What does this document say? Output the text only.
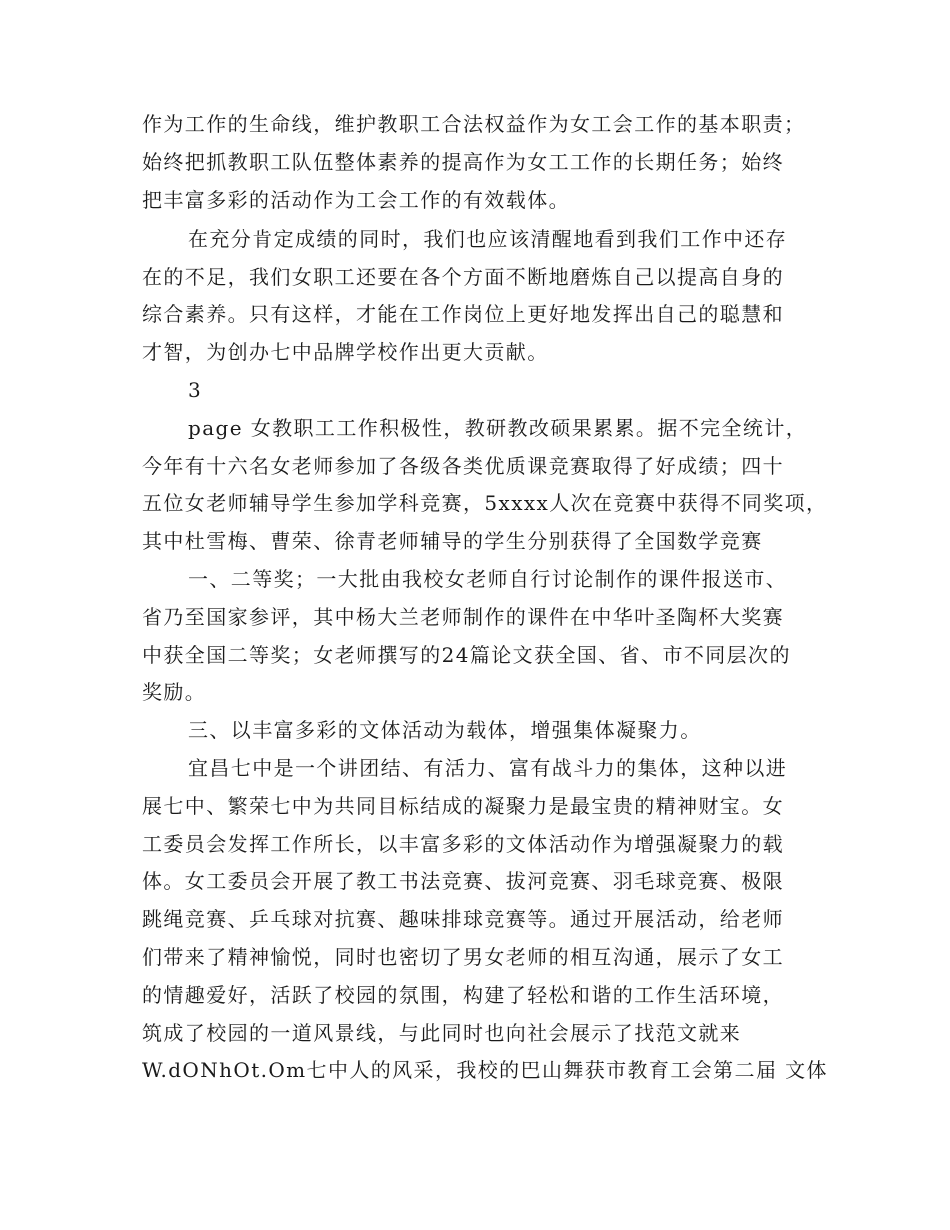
作为工作的生命线，维护教职工合法权益作为女工会工作的基本职责；
始终把抓教职工队伍整体素养的提高作为女工工作的长期任务；始终
把丰富多彩的活动作为工会工作的有效载体。
在充分肯定成绩的同时，我们也应该清醒地看到我们工作中还存
在的不足，我们女职工还要在各个方面不断地磨炼自己以提高自身的
综合素养。只有这样，才能在工作岗位上更好地发挥出自己的聪慧和
才智，为创办七中品牌学校作出更大贡献。
3
page 女教职工工作积极性，教研教改硕果累累。据不完全统计，
今年有十六名女老师参加了各级各类优质课竞赛取得了好成绩；四十
五位女老师辅导学生参加学科竞赛，5xxxx人次在竞赛中获得不同奖项，
其中杜雪梅、曹荣、徐青老师辅导的学生分别获得了全国数学竞赛
一、二等奖；一大批由我校女老师自行讨论制作的课件报送市、
省乃至国家参评，其中杨大兰老师制作的课件在中华叶圣陶杯大奖赛
中获全国二等奖；女老师撰写的24篇论文获全国、省、市不同层次的
奖励。
三、以丰富多彩的文体活动为载体，增强集体凝聚力。
宜昌七中是一个讲团结、有活力、富有战斗力的集体，这种以进
展七中、繁荣七中为共同目标结成的凝聚力是最宝贵的精神财宝。女
工委员会发挥工作所长，以丰富多彩的文体活动作为增强凝聚力的载
体。女工委员会开展了教工书法竞赛、拔河竞赛、羽毛球竞赛、极限
跳绳竞赛、乒乓球对抗赛、趣味排球竞赛等。通过开展活动，给老师
们带来了精神愉悦，同时也密切了男女老师的相互沟通，展示了女工
的情趣爱好，活跃了校园的氛围，构建了轻松和谐的工作生活环境，
筑成了校园的一道风景线，与此同时也向社会展示了找范文就来
W.dONhOt.Om七中人的风采，我校的巴山舞获市教育工会第二届 文体
